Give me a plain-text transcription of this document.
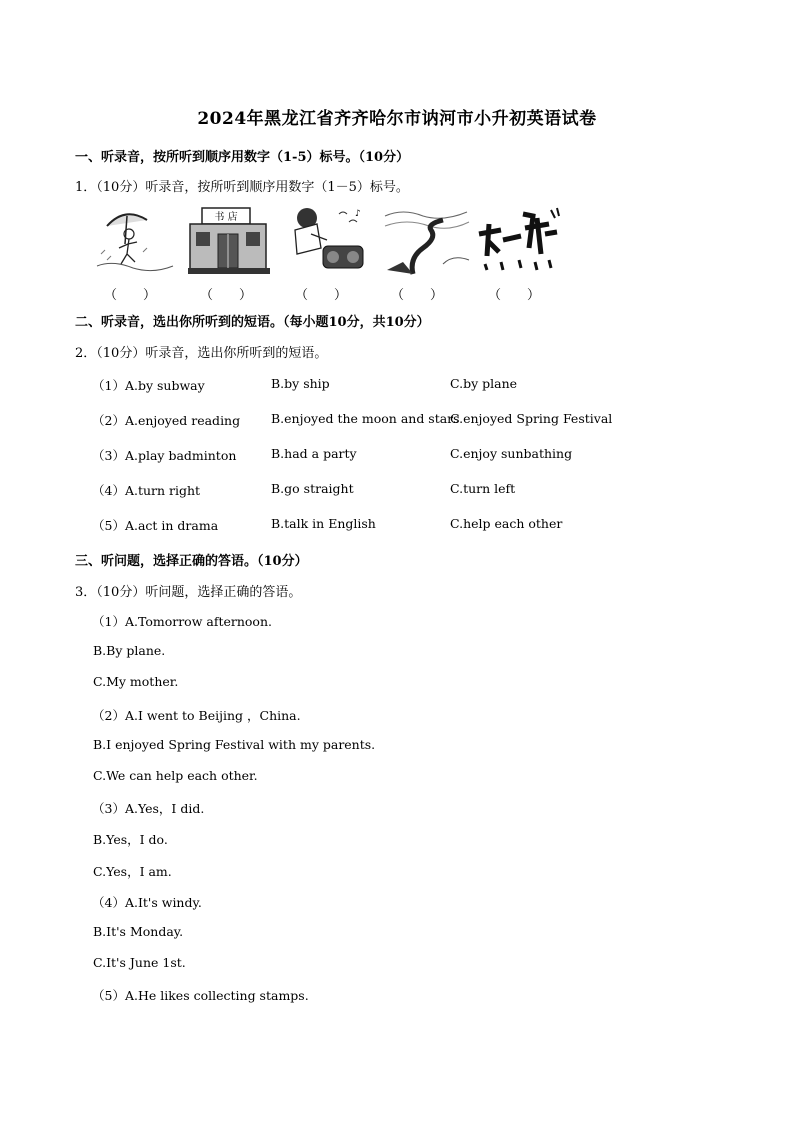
2024年黑龙江省齐齐哈尔市讷河市小升初英语试卷
一、听录音，按所听到顺序用数字（1-5）标号。（10分）
1．（10分）听录音，按所听到顺序用数字（1－5）标号。
书 店	♪
（　　）	（　　）	（　　）	（　　）	（　　）
二、听录音，选出你所听到的短语。（每小题10分，共10分）
2．（10分）听录音，选出你所听到的短语。
（1）A.by subway	B.by ship	C.by plane
（2）A.enjoyed reading B.enjoyed the moon and stars
C.enjoyed Spring Festival
（3）A.play badminton	B.had a party	C.enjoy sunbathing
（4）A.turn right	B.go straight	C.turn left
（5）A.act in drama	B.talk in English	C.help each other
三、听问题，选择正确的答语。（10分）
3．（10分）听问题，选择正确的答语。
（1）A.Tomorrow afternoon.
B.By plane.
C.My mother.
（2）A.I went to Beijing ，China.
B.I enjoyed Spring Festival with my parents.
C.We can help each other.
（3）A.Yes，I did.
B.Yes，I do.
C.Yes，I am.
（4）A.It's windy.
B.It's Monday.
C.It's June 1st.
（5）A.He likes collecting stamps.
